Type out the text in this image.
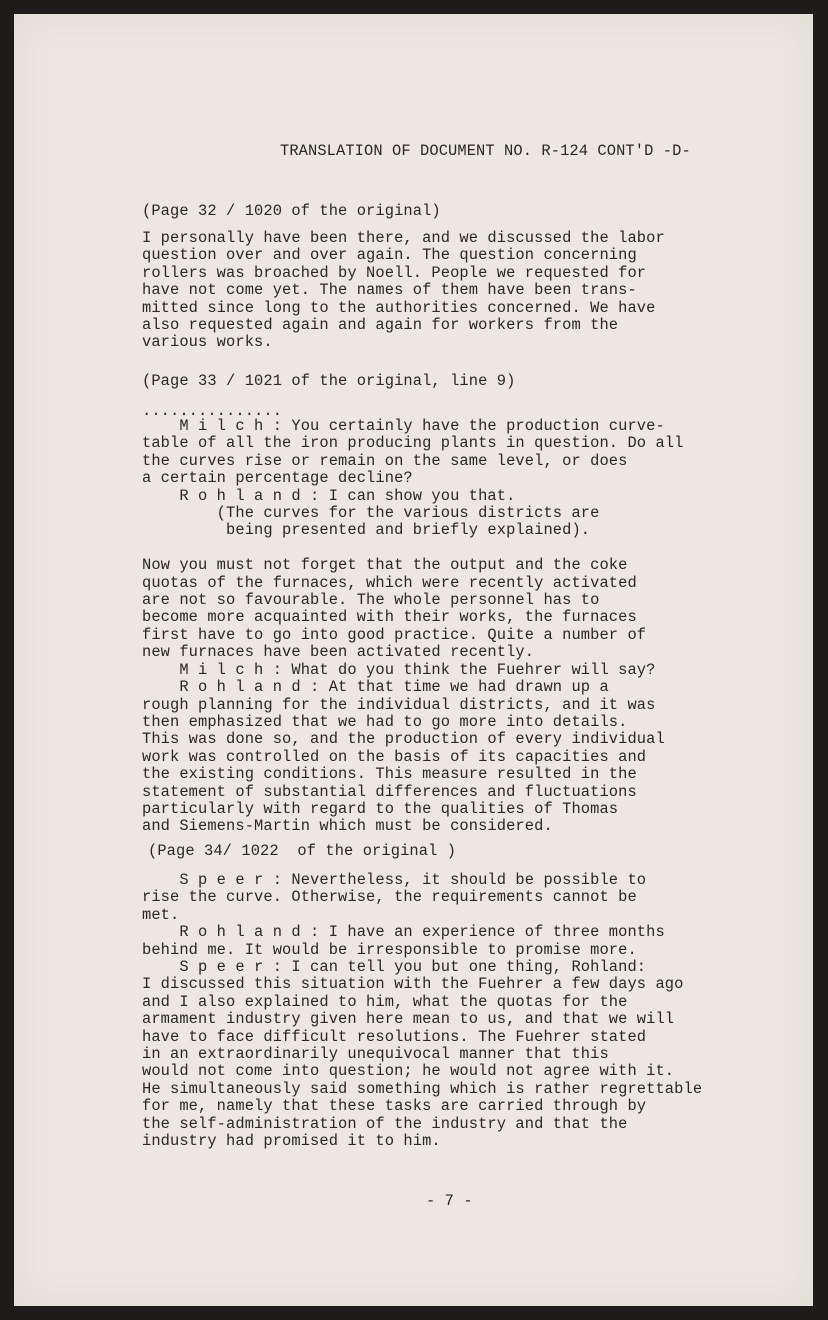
TRANSLATION OF DOCUMENT NO. R-124 CONT'D -D-

(Page 32 / 1020 of the original)

I personally have been there, and we discussed the labor
question over and over again. The question concerning
rollers was broached by Noell. People we requested for
have not come yet. The names of them have been trans-
mitted since long to the authorities concerned. We have
also requested again and again for workers from the
various works.

(Page 33 / 1021 of the original, line 9)

...............

M i l c h : You certainly have the production curve-
table of all the iron producing plants in question. Do all
the curves rise or remain on the same level, or does
a certain percentage decline?
R o h l a n d : I can show you that.
(The curves for the various districts are
being presented and briefly explained).

Now you must not forget that the output and the coke
quotas of the furnaces, which were recently activated
are not so favourable. The whole personnel has to
become more acquainted with their works, the furnaces
first have to go into good practice. Quite a number of
new furnaces have been activated recently.
M i l c h : What do you think the Fuehrer will say?
R o h l a n d : At that time we had drawn up a
rough planning for the individual districts, and it was
then emphasized that we had to go more into details.
This was done so, and the production of every individual
work was controlled on the basis of its capacities and
the existing conditions. This measure resulted in the
statement of substantial differences and fluctuations
particularly with regard to the qualities of Thomas
and Siemens-Martin which must be considered.

(Page 34/ 1022  of the original )

S p e e r : Nevertheless, it should be possible to
rise the curve. Otherwise, the requirements cannot be
met.
R o h l a n d : I have an experience of three months
behind me. It would be irresponsible to promise more.
S p e e r : I can tell you but one thing, Rohland:
I discussed this situation with the Fuehrer a few days ago
and I also explained to him, what the quotas for the
armament industry given here mean to us, and that we will
have to face difficult resolutions. The Fuehrer stated
in an extraordinarily unequivocal manner that this
would not come into question; he would not agree with it.
He simultaneously said something which is rather regrettable
for me, namely that these tasks are carried through by
the self-administration of the industry and that the
industry had promised it to him.

- 7 -
